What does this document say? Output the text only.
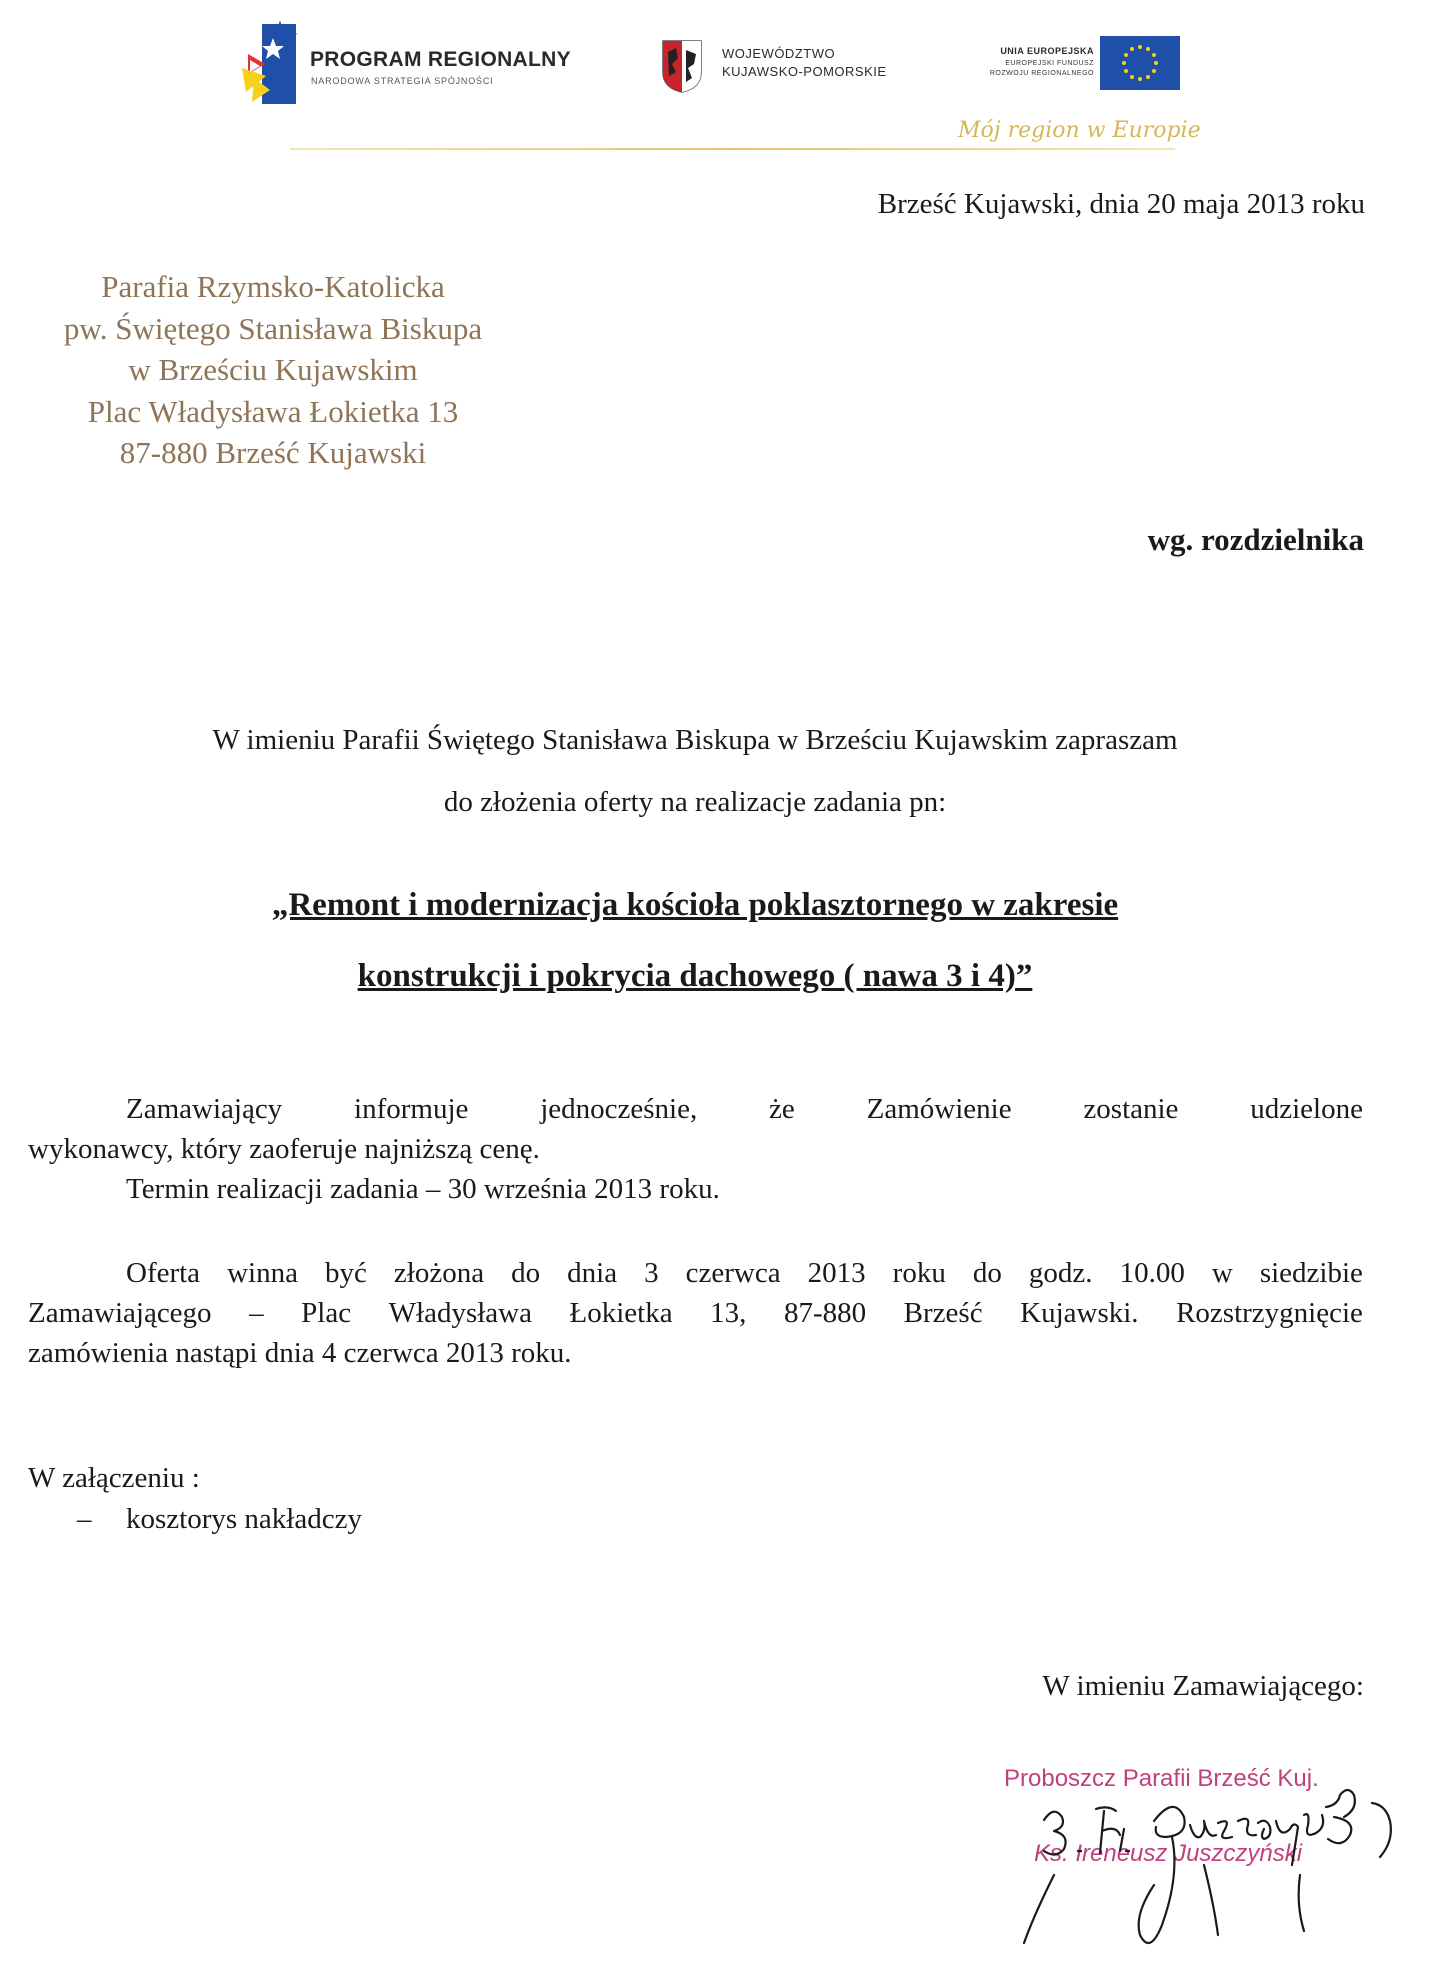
PROGRAM REGIONALNY
NARODOWA STRATEGIA SPÓJNOŚCI
WOJEWÓDZTWO
KUJAWSKO-POMORSKIE
UNIA EUROPEJSKA
EUROPEJSKI FUNDUSZ
ROZWOJU REGIONALNEGO
Mój region w Europie
Brześć Kujawski, dnia 20 maja 2013 roku
Parafia Rzymsko-Katolicka
pw. Świętego Stanisława Biskupa
w Brześciu Kujawskim
Plac Władysława Łokietka 13
87-880 Brześć Kujawski
wg. rozdzielnika
W imieniu Parafii Świętego Stanisława Biskupa w Brześciu Kujawskim zapraszam
do złożenia oferty na realizacje zadania pn:
„Remont i modernizacja kościoła poklasztornego w zakresie
konstrukcji i pokrycia dachowego ( nawa 3 i 4)”
Zamawiający informuje jednocześnie, że Zamówienie zostanie udzielone
wykonawcy, który zaoferuje najniższą cenę.
Termin realizacji zadania – 30 września 2013 roku.
Oferta winna być złożona do dnia 3 czerwca 2013 roku do godz. 10.00 w siedzibie
Zamawiającego – Plac Władysława Łokietka 13, 87-880 Brześć Kujawski. Rozstrzygnięcie
zamówienia nastąpi dnia 4 czerwca 2013 roku.
W załączeniu :
– kosztorys nakładczy
W imieniu Zamawiającego:
Proboszcz Parafii Brześć Kuj.
Ks. Ireneusz Juszczyński
